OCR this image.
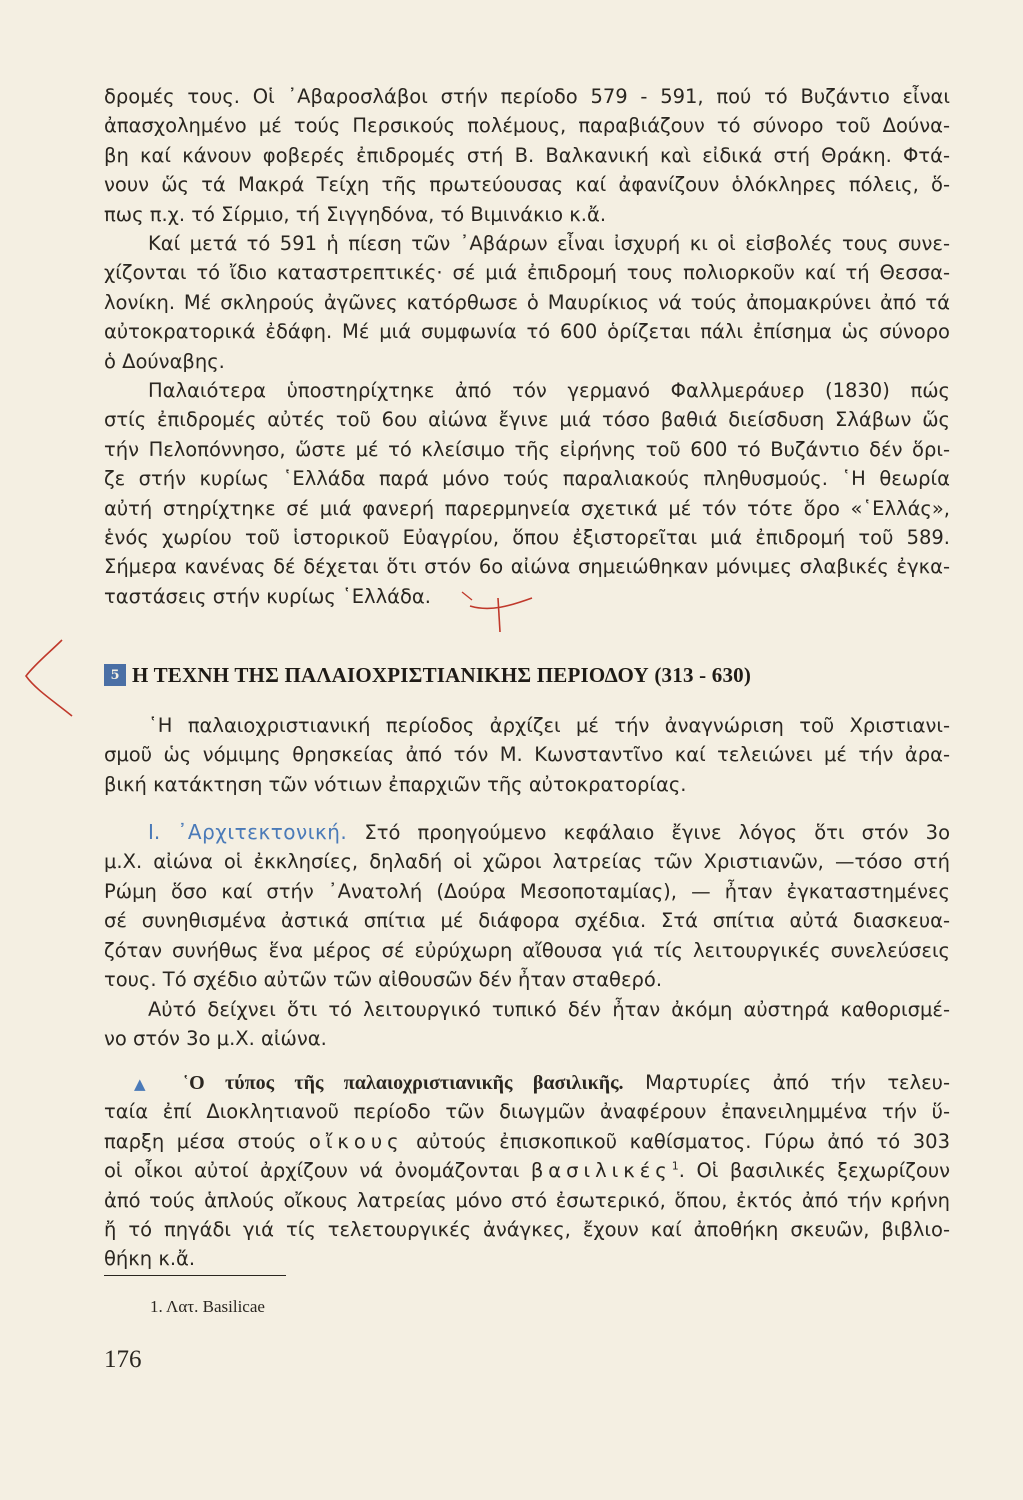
δρομές τους. Οἱ ᾿Αβαροσλάβοι στήν περίοδο 579 - 591, πού τό Βυζάντιο εἶναι
ἀπασχολημένο μέ τούς Περσικούς πολέμους, παραβιάζουν τό σύνορο τοῦ Δούνα-
βη καί κάνουν φοβερές ἐπιδρομές στή Β. Βαλκανική καὶ εἰδικά στή Θράκη. Φτά-
νουν ὥς τά Μακρά Τείχη τῆς πρωτεύουσας καί ἀφανίζουν ὁλόκληρες πόλεις, ὅ-
πως π.χ. τό Σίρμιο, τή Σιγγηδόνα, τό Βιμινάκιο κ.ἄ.
Καί μετά τό 591 ἡ πίεση τῶν ᾿Αβάρων εἶναι ἰσχυρή κι οἱ εἰσβολές τους συνε-
χίζονται τό ἴδιο καταστρεπτικές· σέ μιά ἐπιδρομή τους πολιορκοῦν καί τή Θεσσα-
λονίκη. Μέ σκληρούς ἀγῶνες κατόρθωσε ὁ Μαυρίκιος νά τούς ἀπομακρύνει ἀπό τά
αὐτοκρατορικά ἐδάφη. Μέ μιά συμφωνία τό 600 ὁρίζεται πάλι ἐπίσημα ὡς σύνορο
ὁ Δούναβης.
Παλαιότερα ὑποστηρίχτηκε ἀπό τόν γερμανό Φαλλμεράυερ (1830) πώς
στίς ἐπιδρομές αὐτές τοῦ 6ου αἰώνα ἔγινε μιά τόσο βαθιά διείσδυση Σλάβων ὥς
τήν Πελοπόννησο, ὥστε μέ τό κλείσιμο τῆς εἰρήνης τοῦ 600 τό Βυζάντιο δέν ὅρι-
ζε στήν κυρίως ῾Ελλάδα παρά μόνο τούς παραλιακούς πληθυσμούς. ῾Η θεωρία
αὐτή στηρίχτηκε σέ μιά φανερή παρερμηνεία σχετικά μέ τόν τότε ὅρο «῾Ελλάς»,
ἑνός χωρίου τοῦ ἱστορικοῦ Εὐαγρίου, ὅπου ἐξιστορεῖται μιά ἐπιδρομή τοῦ 589.
Σήμερα κανένας δέ δέχεται ὅτι στόν 6ο αἰώνα σημειώθηκαν μόνιμες σλαβικές ἐγκα-
ταστάσεις στήν κυρίως ῾Ελλάδα.
5 Η ΤΕΧΝΗ ΤΗΣ ΠΑΛΑΙΟΧΡΙΣΤΙΑΝΙΚΗΣ ΠΕΡΙΟΔΟΥ (313 - 630)
῾Η παλαιοχριστιανική περίοδος ἀρχίζει μέ τήν ἀναγνώριση τοῦ Χριστιανι-
σμοῦ ὡς νόμιμης θρησκείας ἀπό τόν Μ. Κωνσταντῖνο καί τελειώνει μέ τήν ἀρα-
βική κατάκτηση τῶν νότιων ἐπαρχιῶν τῆς αὐτοκρατορίας.
I. ᾿Αρχιτεκτονική. Στό προηγούμενο κεφάλαιο ἔγινε λόγος ὅτι στόν 3ο
μ.Χ. αἰώνα οἱ ἐκκλησίες, δηλαδή οἱ χῶροι λατρείας τῶν Χριστιανῶν, —τόσο στή
Ρώμη ὅσο καί στήν ᾿Ανατολή (Δούρα Μεσοποταμίας), — ἦταν ἐγκαταστημένες
σέ συνηθισμένα ἀστικά σπίτια μέ διάφορα σχέδια. Στά σπίτια αὐτά διασκευα-
ζόταν συνήθως ἕνα μέρος σέ εὐρύχωρη αἴθουσα γιά τίς λειτουργικές συνελεύσεις
τους. Τό σχέδιο αὐτῶν τῶν αἰθουσῶν δέν ἦταν σταθερό.
Αὐτό δείχνει ὅτι τό λειτουργικό τυπικό δέν ἦταν ἀκόμη αὐστηρά καθορισμέ-
νο στόν 3ο μ.Χ. αἰώνα.
▲ ῾Ο τύπος τῆς παλαιοχριστιανικῆς βασιλικῆς. Μαρτυρίες ἀπό τήν τελευ-
ταία ἐπί Διοκλητιανοῦ περίοδο τῶν διωγμῶν ἀναφέρουν ἐπανειλημμένα τήν ὕ-
παρξη μέσα στούς οἴκους αὐτούς ἐπισκοπικοῦ καθίσματος. Γύρω ἀπό τό 303
οἱ οἶκοι αὐτοί ἀρχίζουν νά ὀνομάζονται βασιλικές$^1$. Οἱ βασιλικές ξεχωρίζουν
ἀπό τούς ἁπλούς οἴκους λατρείας μόνο στό ἐσωτερικό, ὅπου, ἐκτός ἀπό τήν κρήνη
ἤ τό πηγάδι γιά τίς τελετουργικές ἀνάγκες, ἔχουν καί ἀποθήκη σκευῶν, βιβλιο-
θήκη κ.ἄ.
1. Λατ. Basilicae
176
